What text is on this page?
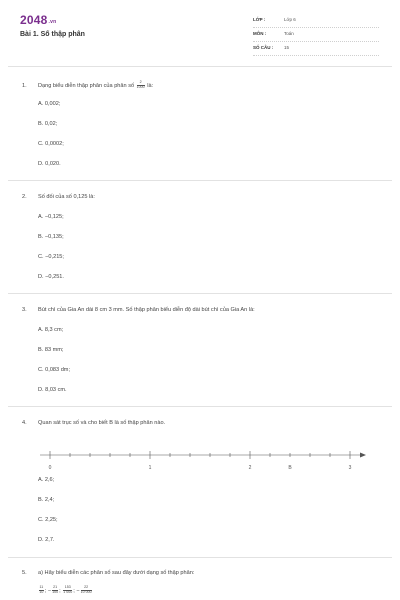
2048.vn
Bài 1. Số thập phân
LỚP :	Lớp 6
MÔN :	Toán
SỐ CÂU : 15
1. Dạng biểu diễn thập phân của phân số $\frac{2}{1000}$ là:
A. 0,002;
B. 0,02;
C. 0,0002;
D. 0,020.
2. Số đối của số 0,125 là:
A. −0,125;
B. −0,135;
C. −0,215;
D. −0,251.
3. Bút chì của Gia An dài 8 cm 3 mm. Số thập phân biểu diễn độ dài bút chì của Gia An là:
A. 8,3 cm;
B. 83 mm;
C. 0,083 dm;
D. 8,03 cm.
4. Quan sát trục số và cho biết B là số thập phân nào.
0	1	2	B	3
A. 2,6;
B. 2,4;
C. 2,25;
D. 2,7.
5. a) Hãy biểu diễn các phân số sau đây dưới dạng số thập phân:
$\frac{11}{10}$ ; − $\frac{21}{100}$ ; $\frac{153}{1 000}$ ; − $\frac{22}{10 000}$
